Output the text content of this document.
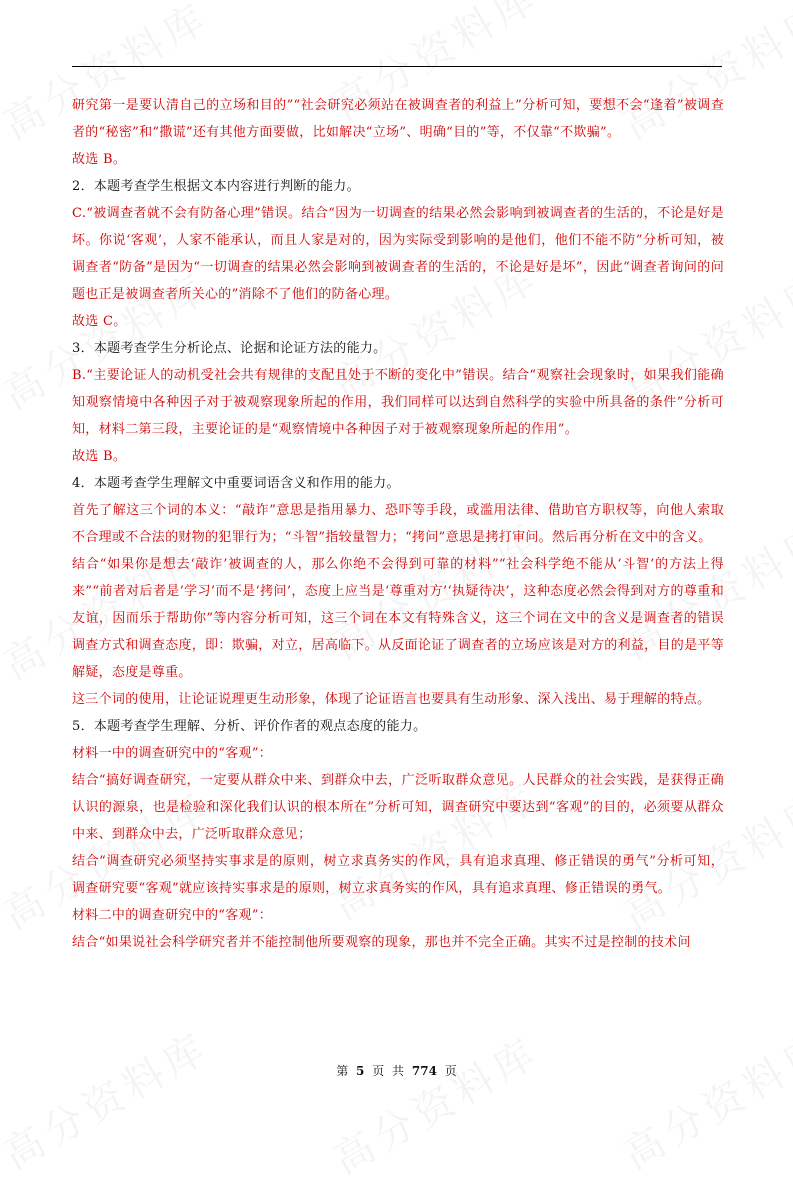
研究第一是要认清自己的立场和目的”“社会研究必须站在被调查者的利益上”分析可知，要想不会“逢着”被调查者的“秘密”和“撒谎”还有其他方面要做，比如解决“立场”、明确“目的”等，不仅靠“不欺骗”。

故选 B。

2．本题考查学生根据文本内容进行判断的能力。

C.“被调查者就不会有防备心理”错误。结合“因为一切调查的结果必然会影响到被调查者的生活的，不论是好是坏。你说‘客观’，人家不能承认，而且人家是对的，因为实际受到影响的是他们，他们不能不防”分析可知，被调查者“防备”是因为“一切调查的结果必然会影响到被调查者的生活的，不论是好是坏”，因此“调查者询问的问题也正是被调查者所关心的”消除不了他们的防备心理。

故选 C。

3．本题考查学生分析论点、论据和论证方法的能力。

B.“主要论证人的动机受社会共有规律的支配且处于不断的变化中”错误。结合“观察社会现象时，如果我们能确知观察情境中各种因子对于被观察现象所起的作用，我们同样可以达到自然科学的实验中所具备的条件”分析可知，材料二第三段，主要论证的是“观察情境中各种因子对于被观察现象所起的作用”。

故选 B。

4．本题考查学生理解文中重要词语含义和作用的能力。

首先了解这三个词的本义：“敲诈”意思是指用暴力、恐吓等手段，或滥用法律、借助官方职权等，向他人索取不合理或不合法的财物的犯罪行为；“斗智”指较量智力；“拷问”意思是拷打审问。然后再分析在文中的含义。

结合“如果你是想去‘敲诈’被调查的人，那么你绝不会得到可靠的材料”“社会科学绝不能从‘斗智’的方法上得来”“前者对后者是‘学习’而不是‘拷问’，态度上应当是‘尊重对方’‘执疑待决’，这种态度必然会得到对方的尊重和友谊，因而乐于帮助你”等内容分析可知，这三个词在本文有特殊含义，这三个词在文中的含义是调查者的错误调查方式和调查态度，即：欺骗，对立，居高临下。从反面论证了调查者的立场应该是对方的利益，目的是平等解疑，态度是尊重。

这三个词的使用，让论证说理更生动形象，体现了论证语言也要具有生动形象、深入浅出、易于理解的特点。

5．本题考查学生理解、分析、评价作者的观点态度的能力。

材料一中的调查研究中的“客观”：

结合“搞好调查研究，一定要从群众中来、到群众中去，广泛听取群众意见。人民群众的社会实践，是获得正确认识的源泉，也是检验和深化我们认识的根本所在”分析可知，调查研究中要达到“客观”的目的，必须要从群众中来、到群众中去，广泛听取群众意见；

结合“调查研究必须坚持实事求是的原则，树立求真务实的作风，具有追求真理、修正错误的勇气”分析可知，调查研究要“客观”就应该持实事求是的原则，树立求真务实的作风，具有追求真理、修正错误的勇气。

材料二中的调查研究中的“客观”：

结合“如果说社会科学研究者并不能控制他所要观察的现象，那也并不完全正确。其实不过是控制的技术问

第 5 页 共 774 页
